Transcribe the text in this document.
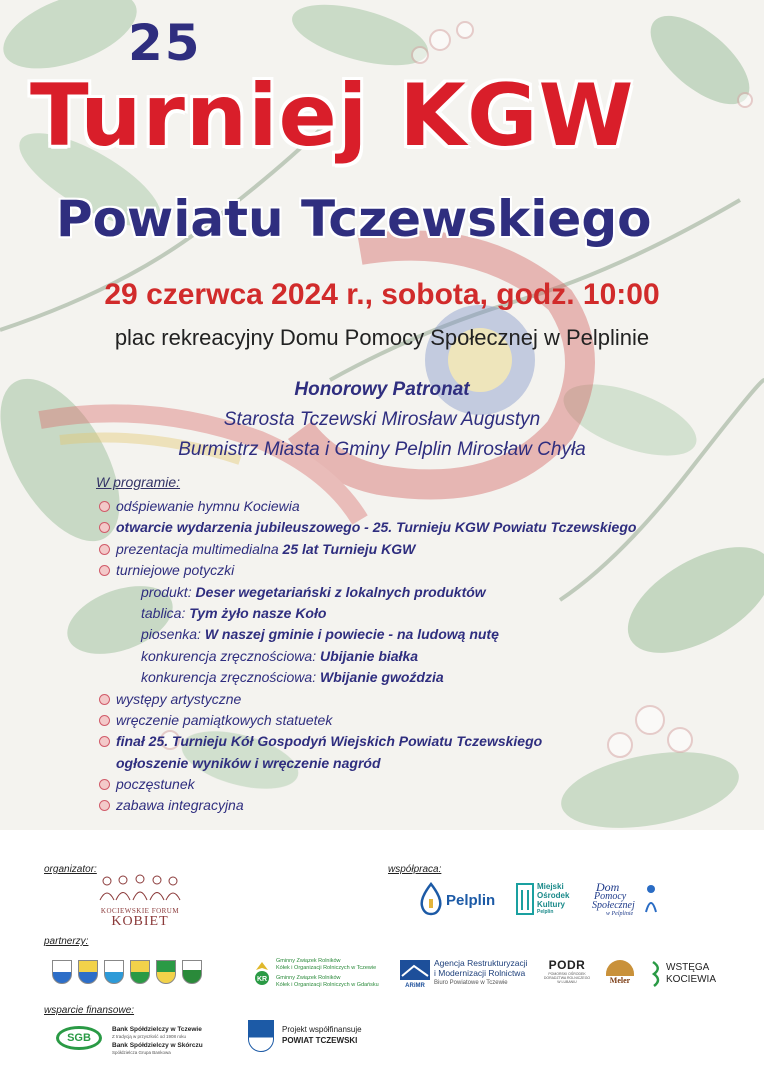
25
Turniej KGW
Powiatu Tczewskiego
29 czerwca 2024 r., sobota, godz. 10:00
plac rekreacyjny Domu Pomocy Społecznej w Pelplinie
Honorowy Patronat
Starosta Tczewski Mirosław Augustyn
Burmistrz Miasta i Gminy Pelplin Mirosław Chyła
W programie:
odśpiewanie hymnu Kociewia
otwarcie wydarzenia jubileuszowego - 25. Turnieju KGW Powiatu Tczewskiego
prezentacja multimedialna 25 lat Turnieju KGW
turniejowe potyczki
produkt: Deser wegetariański z lokalnych produktów
tablica: Tym żyło nasze Koło
piosenka: W naszej gminie i powiecie - na ludową nutę
konkurencja zręcznościowa: Ubijanie białka
konkurencja zręcznościowa: Wbijanie gwoździa
występy artystyczne
wręczenie pamiątkowych statuetek
finał 25. Turnieju Kół Gospodyń Wiejskich Powiatu Tczewskiego
ogłoszenie wyników i wręczenie nagród
poczęstunek
zabawa integracyjna
organizator:
KOCIEWSKIE FORUM
KOBIET
współpraca:
Pelplin
Miejski
Ośrodek
Kultury
Pelplin
Dom
Pomocy
Społecznej
w Pelplinie
partnerzy:
KR
Gminny Związek Rolników
Kółek i Organizacji Rolniczych w Tczewie
Gminny Związek Rolników
Kółek i Organizacji Rolniczych w Gdańsku	ARiMR
Agencja Restrukturyzacji
i Modernizacji Rolnictwa
Biuro Powiatowe w Tczewie
PODR
POMORSKI OŚRODEK DORADZTWA ROLNICZEGO W LUBANIU	Meler
WSTĘGA
KOCIEWIA
wsparcie finansowe:
SGB
Bank Spółdzielczy w Tczewie
Z tradycją w przyszłość od 1908 roku
Bank Spółdzielczy w Skórczu
Spółdzielcza Grupa Bankowa
Projekt współfinansuje
POWIAT TCZEWSKI
